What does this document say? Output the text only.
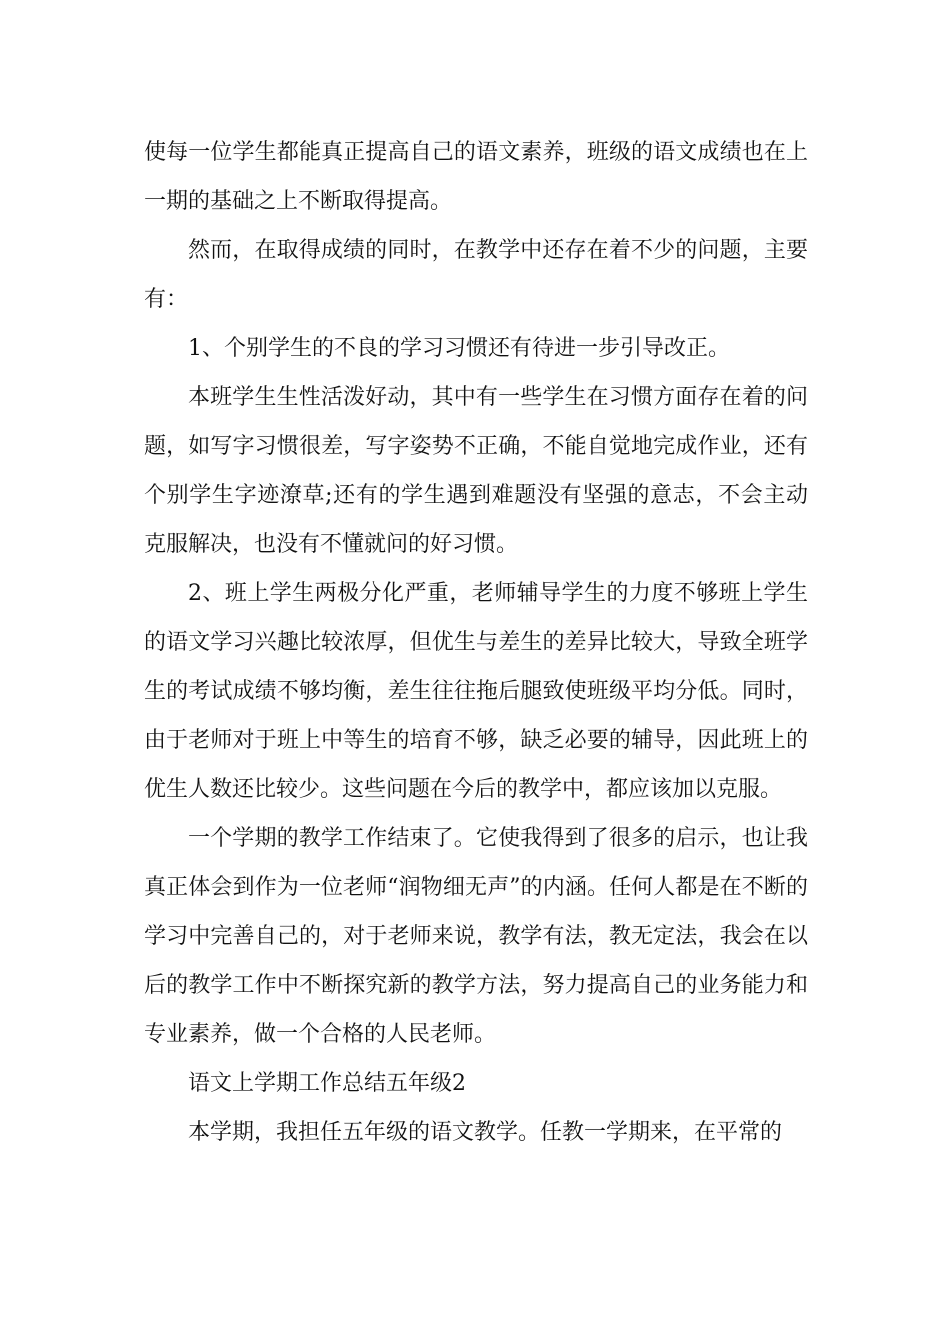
使每一位学生都能真正提高自己的语文素养，班级的语文成绩也在上一期的基础之上不断取得提高。

然而，在取得成绩的同时，在教学中还存在着不少的问题，主要有：

1、个别学生的不良的学习习惯还有待进一步引导改正。

本班学生生性活泼好动，其中有一些学生在习惯方面存在着的问题，如写字习惯很差，写字姿势不正确，不能自觉地完成作业，还有个别学生字迹潦草;还有的学生遇到难题没有坚强的意志，不会主动克服解决，也没有不懂就问的好习惯。

2、班上学生两极分化严重，老师辅导学生的力度不够班上学生的语文学习兴趣比较浓厚，但优生与差生的差异比较大，导致全班学生的考试成绩不够均衡，差生往往拖后腿致使班级平均分低。同时，由于老师对于班上中等生的培育不够，缺乏必要的辅导，因此班上的优生人数还比较少。这些问题在今后的教学中，都应该加以克服。

一个学期的教学工作结束了。它使我得到了很多的启示，也让我真正体会到作为一位老师“润物细无声”的内涵。任何人都是在不断的学习中完善自己的，对于老师来说，教学有法，教无定法，我会在以后的教学工作中不断探究新的教学方法，努力提高自己的业务能力和专业素养，做一个合格的人民老师。

语文上学期工作总结五年级2

本学期，我担任五年级的语文教学。任教一学期来，在平常的
